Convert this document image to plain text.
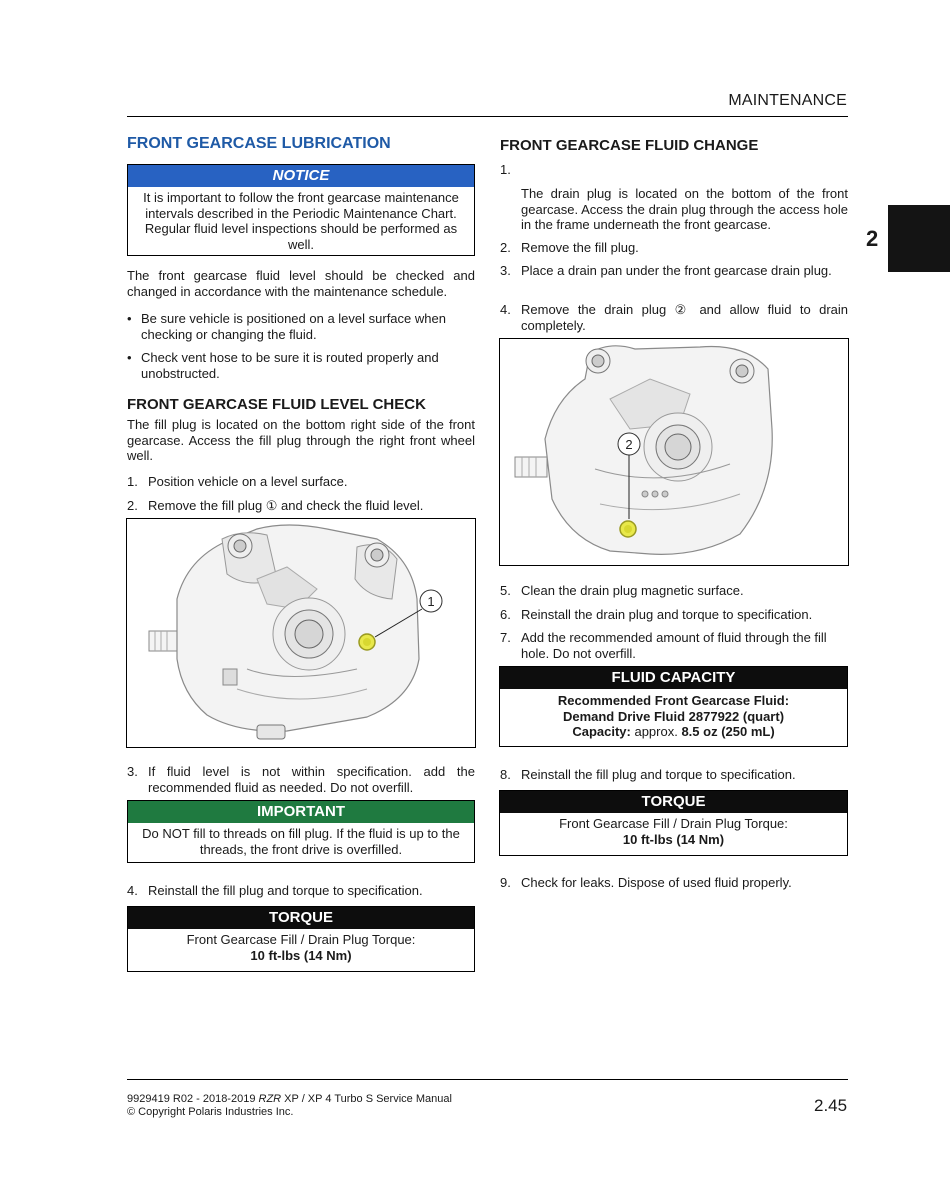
MAINTENANCE
2
FRONT GEARCASE LUBRICATION
NOTICE
It is important to follow the front gearcase maintenance intervals described in the Periodic Maintenance Chart. Regular fluid level inspections should be performed as well.

The front gearcase fluid level should be checked and changed in accordance with the maintenance schedule.

• Be sure vehicle is positioned on a level surface when checking or changing the fluid.
• Check vent hose to be sure it is routed properly and unobstructed.
FRONT GEARCASE FLUID LEVEL CHECK

The fill plug is located on the bottom right side of the front gearcase. Access the fill plug through the right front wheel well.

1. Position vehicle on a level surface.
2. Remove the fill plug ① and check the fluid level.
1
3. If fluid level is not within specification. add the recommended fluid as needed. Do not overfill.
IMPORTANT
Do NOT fill to threads on fill plug. If the fluid is up to the threads, the front drive is overfilled.
4. Reinstall the fill plug and torque to specification.
TORQUE
Front Gearcase Fill / Drain Plug Torque:
10 ft-lbs (14 Nm)
FRONT GEARCASE FLUID CHANGE
1.

The drain plug is located on the bottom of the front gearcase. Access the drain plug through the access hole in the frame underneath the front gearcase.

2. Remove the fill plug.
3. Place a drain pan under the front gearcase drain plug.
4. Remove the drain plug ② and allow fluid to drain completely.
2
5. Clean the drain plug magnetic surface.
6. Reinstall the drain plug and torque to specification.
7. Add the recommended amount of fluid through the fill hole. Do not overfill.
FLUID CAPACITY
Recommended Front Gearcase Fluid:
Demand Drive Fluid 2877922 (quart)
Capacity: approx. 8.5 oz (250 mL)
8. Reinstall the fill plug and torque to specification.
TORQUE
Front Gearcase Fill / Drain Plug Torque:
10 ft-lbs (14 Nm)
9. Check for leaks. Dispose of used fluid properly.
9929419 R02 - 2018-2019 RZR XP / XP 4 Turbo S Service Manual
© Copyright Polaris Industries Inc.	2.45
